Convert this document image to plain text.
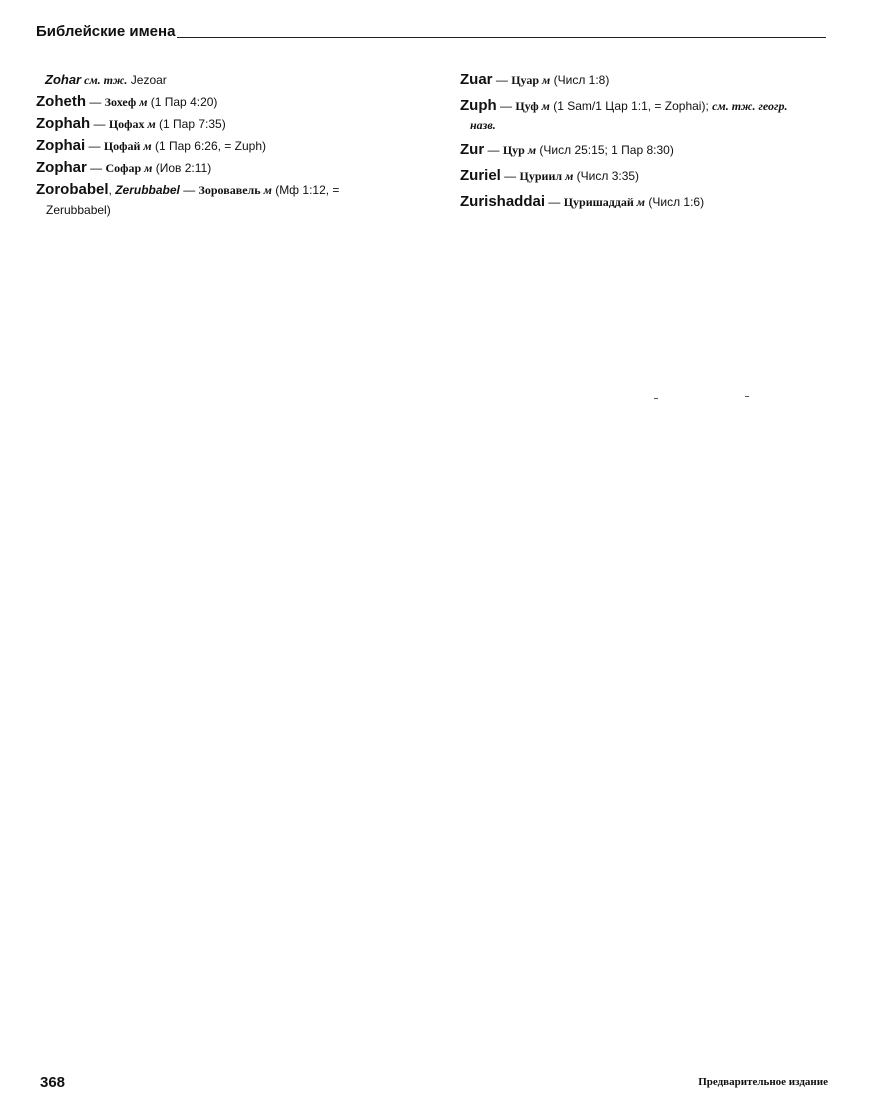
Библейские имена
Zohar см. тж. Jezoar
Zoheth — Зохеф м (1 Пар 4:20)
Zophah — Цофах м (1 Пар 7:35)
Zophai — Цофай м (1 Пар 6:26, = Zuph)
Zophar — Софар м (Иов 2:11)
Zorobabel, Zerubbabel — Зоровавель м (Мф 1:12, =
Zerubbabel)
Zuar — Цуар м (Числ 1:8)
Zuph — Цуф м (1 Sam/1 Цар 1:1, = Zophai); см. тж. геогр.
назв.
Zur — Цур м (Числ 25:15; 1 Пар 8:30)
Zuriel — Цуриил м (Числ 3:35)
Zurishaddai — Цуришаддай м (Числ 1:6)
368	Предварительное издание
